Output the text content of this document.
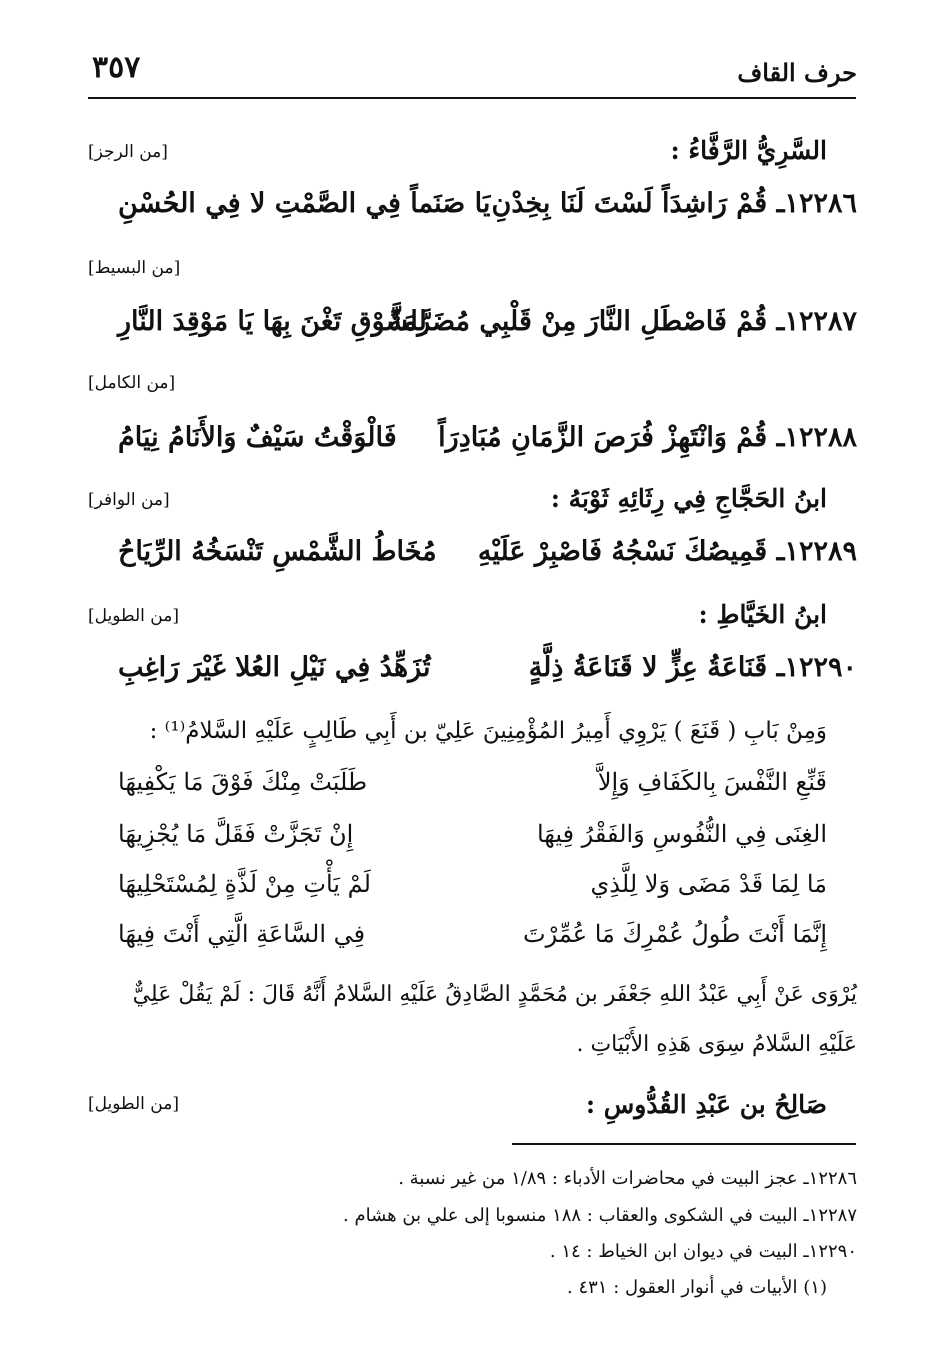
حرف القاف
٣٥٧
السَّرِيُّ الرَّفَّاءُ :
[من الرجز]
١٢٢٨٦ـ قُمْ رَاشِدَاً لَسْتَ لَنَا بِخِدْنِ
يَا صَنَماً فِي الصَّمْتِ لا فِي الحُسْنِ
[من البسيط]
١٢٢٨٧ـ قُمْ فَاصْطَلِ النَّارَ مِنْ قَلْبِي مُضَرَّمَةً
لِلشَّوْقِ تَغْنَ بِهَا يَا مَوْقِدَ النَّارِ
[من الكامل]
١٢٢٨٨ـ قُمْ وَانْتَهِزْ فُرَصَ الزَّمَانِ مُبَادِرَاً
فَالْوَقْتُ سَيْفٌ وَالأَنَامُ نِيَامُ
ابنُ الحَجَّاجِ فِي رِثَائِهِ ثَوْبَهُ :
[من الوافر]
١٢٢٨٩ـ قَمِيصُكَ نَسْجُهُ فَاصْبِرْ عَلَيْهِ
مُخَاطُ الشَّمْسِ تَنْسَخُهُ الرِّيَاحُ
ابنُ الخَيَّاطِ :
[من الطويل]
١٢٢٩٠ـ قَنَاعَةُ عِزٍّ لا قَنَاعَةُ ذِلَّةٍ
تُزَهِّدُ فِي نَيْلِ العُلا غَيْرَ رَاغِبِ
وَمِنْ بَابِ ( قَنَعَ ) يَرْوِي أَمِيرُ المُؤْمِنِينَ عَلِيّ بن أَبِي طَالِبٍ عَلَيْهِ السَّلامُ⁽¹⁾ :
قَنِّعِ النَّفْسَ بِالكَفَافِ وَإِلاَّ
طَلَبَتْ مِنْكَ فَوْقَ مَا يَكْفِيهَا
الغِنَى فِي النُّفُوسِ وَالفَقْرُ فِيهَا
إِنْ تَجَزَّتْ فَقَلَّ مَا يُجْزِيهَا
مَا لِمَا قَدْ مَضَى وَلا لِلَّذِي
لَمْ يَأْتِ مِنْ لَذَّةٍ لِمُسْتَحْلِيهَا
إِنَّمَا أَنْتَ طُولُ عُمْرِكَ مَا عُمِّرْتَ
فِي السَّاعَةِ الَّتِي أَنْتَ فِيهَا
يُرْوَى عَنْ أَبِي عَبْدُ اللهِ جَعْفَر بن مُحَمَّدٍ الصَّادِقُ عَلَيْهِ السَّلامُ أَنَّهُ قَالَ : لَمْ يَقُلْ عَلِيٌّ
عَلَيْهِ السَّلامُ سِوَى هَذِهِ الأَبْيَاتِ .
صَالِحُ بن عَبْدِ القُدُّوسِ :
[من الطويل]
١٢٢٨٦ـ عجز البيت في محاضرات الأدباء : ١/٨٩ من غير نسبة .
١٢٢٨٧ـ البيت في الشكوى والعقاب : ١٨٨ منسوبا إلى علي بن هشام .
١٢٢٩٠ـ البيت في ديوان ابن الخياط : ١٤ .
(١) الأبيات في أنوار العقول : ٤٣١ .
